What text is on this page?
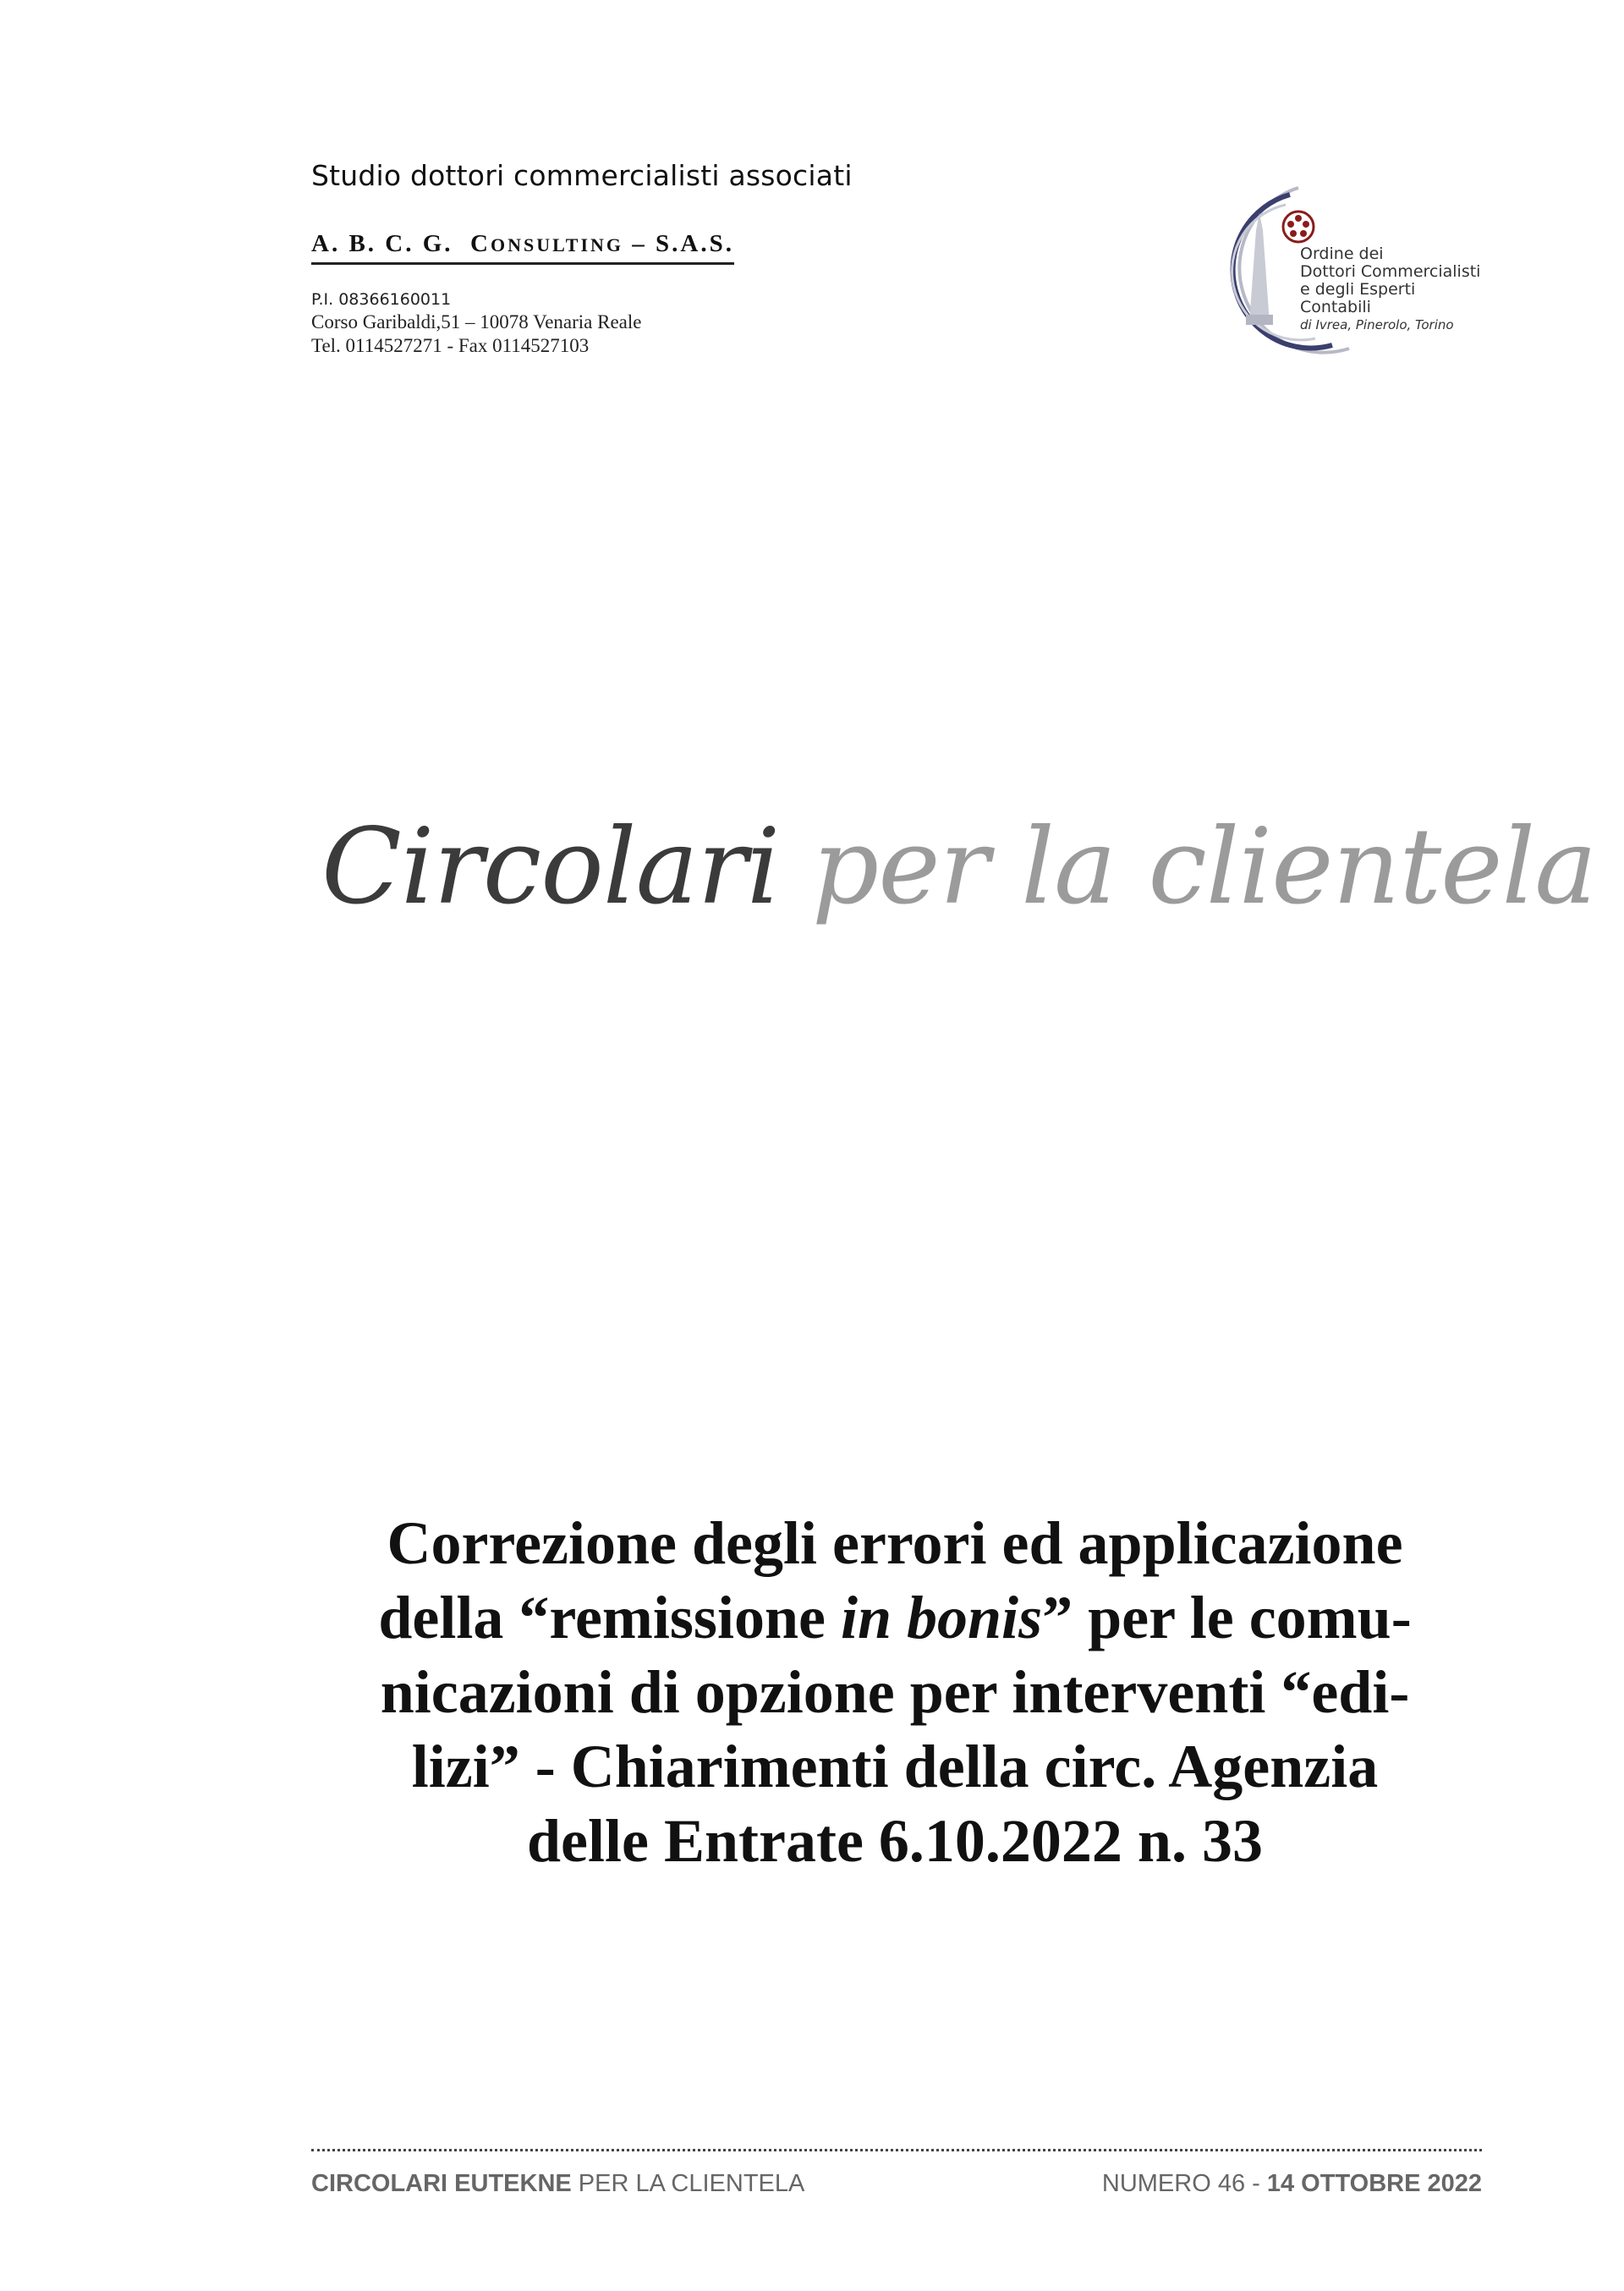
Studio dottori commercialisti associati

A. B. C. G. CONSULTING – S.A.S.
P.I. 08366160011
Corso Garibaldi,51 – 10078 Venaria Reale
Tel. 0114527271 - Fax 0114527103
Ordine dei
Dottori Commercialisti
e degli Esperti Contabili
di Ivrea, Pinerolo, Torino
Circolari per la clientela
Correzione degli errori ed applicazione
della “remissione in bonis” per le comu-
nicazioni di opzione per interventi “edi-
lizi” - Chiarimenti della circ. Agenzia
delle Entrate 6.10.2022 n. 33
CIRCOLARI EUTEKNE PER LA CLIENTELA	NUMERO 46 - 14 OTTOBRE 2022
